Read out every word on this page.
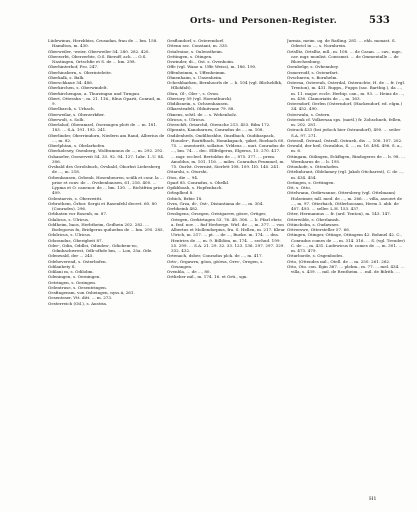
Orts- und Personen-Register.	533

Lüdewinus, Herzbbiss, Crusadan, frau de ... bm. 158. Hamilton, m. 430.

Oberweiler, -weier, Oberweiler 54. 280. 282. 420.

Oberzerbt, Oberzerbte, O.S. Bieroff, ach. ... O.S. Nastingen, Ortschfie et S. de ... bm. 298.

Oberhinterhof, Pro. 247.

Oberhinsbern, s. Oberinteleite.

Oberkalk, s. Balk.

Oberschkaue 54. 486.

Oberkirchen, s. Oberwindelt.

Oberkirchengau, a. Thurzingau und Tirngau.

Obert, Otterahn -, m. 21. 116., filius Oparti, Conrad, m. 9.

Oberlbarck, s. Urbach.

Oberweilar, s. Oberzerkfier.

Oberwolt, s. Solb.

Oberlahof, Oberamzel, Oseraugen plott de ... m. 181. 183. ... S.A. 191. 192. 241.

Oberlinder, Oberrimdorn, Niedern am Rand, Alberius de ..., m. 82.

Oberlphtan, s. Obelarhofen.

Oberkolesey, Osenberg, Wolframmus de ..., m. 292. 292.

Oshaneler, Oseserveit 54. 33. 92. 94. 127. 1abr. 1..U. 84. 306.

Ovsbald des Gerolsbuch, Ovsbald, Oborhst Liebesberg de ..., m. 218.

Orbenbausen, Orbenb. Hosenbeuren, sciilk et conr. la ... prior et conv. de ... Ovsbenbausen, 61, 216. 400. ... Lypma et O. canenor. de ... bm. 130. ... Richtfrim prior 409.

Oelentaevis, s. Oberzwitti.

Orbrothem, Örbor. Sergii et Rasenfehl decret. 60. 80 (Conrades). 296.

Orbhaten vor Bosenh, m. 87.

Odalicus, s. Ulricus.

Oddheim, baos, Herbtheim, Gedhein 202. 282. ... Bodegorus fu, Bridgerus quiluebm de ... bm. 295. 285.

Odolricus, s. Ulricus.

Odorandus, Oberigbeit 87.

Oder-, Odin, Oddlei, Odinden-, Odiobem-eo, Odmbachwrest, Odb-ofhde bm, ... Lon, 25a. Ode.

Odenwald, der ... 245.

Odeheverend, s. Osterbofen.

Odilanhety S.

Odilani m, s. Odilobm.

Odeningen, s. Oerningen.

Oetringen, s. Orzingen.

Oelentruse, s. Oesentringen.

Oesfingensm, von Osbeingen, nyss.ii, 261.

Oesentraer, Vtt. ditt. ... m. 273.

Oesterreich (Oil.), s. Austria.

Oesflondorf, s. Osterendorf.

Ottenn sec. Constant, m. 335.

Ostalvsine, s. Oulenstheim.

Oettingen, s. Otingen.

Oswinder, di.., Ost. s. Ovenboiin.

Offe (vgl. Wane u. Uffe Weiss), m. 186. 190.

Offenheimm, s. Uffenheimm.

Ohnenhaim, s. Unsenheim.

Ocheshbarken, Bernhoorls de ... b. 104 (vgl. Blicheldhk, Hllohfalt).

Obra, Ol-, Oler -, s. Ovon.

Oberiory 59 (vgl. Horentburck).

Obdilisnein, s. Ochsenhausen.

Olkaesteafelt, Oblnitvane 79. 88.

Oknens, schtl. de ... s. Wehenholz.

Olricus, s. Ulricus.

Oterzchft, Oriarchil, Oterache 213. 453. Bilm 172.

Olprants, Kanobarurn, Conradus de ..., m. 108.

Ondilenheds, Ondilboshhe, Onzdbach, Oudibaspack, Honoler-, Roatifbach, Honnkapach, -piket, Roebach 60, 75. ... onentoritt, sollatue. Vrldeus ... mut. Conradus de ..., bm. 74. ... dec. Ellfrdgerus, Elgerus, 15. 270. 417. ... mgr. eccleel. Bertoldus de ..., 875. 377. ... prem. Amoldus, m. 101. 116. ... miles. Conradus Peummel, m. 75. Ourlst. Overnist, Sierlett 108. 109. 1l0. 140. 241.

Ottarshi, s. Oturshi.

Otos, die ... 94.

Oparl 85. Conradus, s. Obelkl.

Opikbboah, s. Hopfenbach.

Orbsplbed 8.

Orbich, Brbie 18.

Ovra, Grza, di-, Ost-, Distantiana de ..., m. 304.

Orrbbeinh 482.

Orssbgens, Orsegen, Oristgarew, gösre, Ortiger, Oriegen, Orrktrtagen 53. 76. 48. 306. ... b. Pfarl ebrir, a. fraf. nov. ... fiuf Herberge. Wirl. de ..., m. 377. ... von Albertus et Mollendorpius, fra. S. Hellen, m. 217. Kleur Utrich, m. 217. ... pt. ... de ..., Bueke. m. 174. ... dea. Hentries de ..., m. 9. Bilblöm, m. 174. ... sechud. 199. 25. 299. ... S.A. 21. 29. 32. 33. 123. 136. 297. 297. 329. 332. 432.

Ortenach, dsber, Conradus plck. de ..., m. 417.

Orts-, Orgawrn, göon, gööwa, Orrs-, Oregen, s. Orsangen.

Ovenbla, ... de ..., 80.

Ortlieber mil., m. 174. 16. et Orti., sgn.

Jurmia, meim. og. de Ratling. 281. ... ehh. monast. S. Odericl in ..., s. Nornhrein.

Ortslltz, Ortslltz, mll., m. 108. ... de Casan. ... cav., mgr., cav. mgr. monlist. Conssmst. ... de Ommentalle ... de Bloechenburg.

Osenbelgr, s. Ovbennbey.

Osmerrodf, s. Ostenrfart.

Ovschnren, s. Bornhelm.

Osterna, Ostereuh, Osterdal, Osterachte, H. de ... fr. (vgl. Trenton), m. 431. Rupps., Fupps (sac. Bartbig.), da ..., m. 11. major. eccle. Herbip. can., m. 93. ... Heinz de ..., m. 436. Clamoriatis de ..., m. 163.

Osterndorf, Oerlen (Osterndorf, (Hackendorf, ed. elgm.) 34. 452. 490.

Osterwaln, s. Ostern.

Ostermk cf. Volkersaa sps. (nartl.) fr. Zohschneb, fellen, m. 202. 281.

Ostrack 433 (bei jedoch bier Ostrandorf), 490. ... seiler S.A. 97. 271.

Osterall, Ostraal, Ostrall, Ostraeh, dis ..., 106. 107. 202.

Oswald, der heil, Oswaldus, S. ..., m. 16. 494. 496. S. a., m. 6.

Ottingam, Oiilingen, Eckfbgen, Rindogeres de ... b. 98. ... Wernharus de ... b. 195.

Ottonhofe, s. Ottenhofen.

Ottelinhrant, Oblelamey (vgl. Jakob Oticharest), C. de ..., m. 434. 454.

Oetingen, s. Oettingen.

Ott, s. Otto.

Ottelwann, Ordirwanne, Ottersberg (vgl. Ottelmann) Holzeimer, mll. med. de ..., m. 266. ... villa, aseoert de ..., m. 97. Otterbach, Ottlerboosam, Herm 3. abb. de 407. 493. ... seller. L.H. 153. 437.

Otter, Hermannus ... fr. (ard. Tenton), m. 143. 147.

Otterwilde, s. Oberlamsh.

Ottincholm, s. Oudawaes.

Ottverswe, Ottersteller 57. 66.

Ottingen, Otinger, Ottinge, Ottingem 42. Bohmel 42. C., Conradus comes de ..., m. 314. 316. ... S. (vgl. Treuder) C. de ..., m. 431. Ludewicus fr. comes de ..., m. 301. ... m. 473. 479.

Otturborde, s. Osgenbodes.

Otto, (Ottendes mil., Otell. de ... m. 250. 261. 262.

Otto, Oto. con. Egin 367. ... plebm., m. 77. ... mel. 434. ... villa, s. 439. ... mil. de Rentheim. ... mil. de Bilrith. ...

H1
